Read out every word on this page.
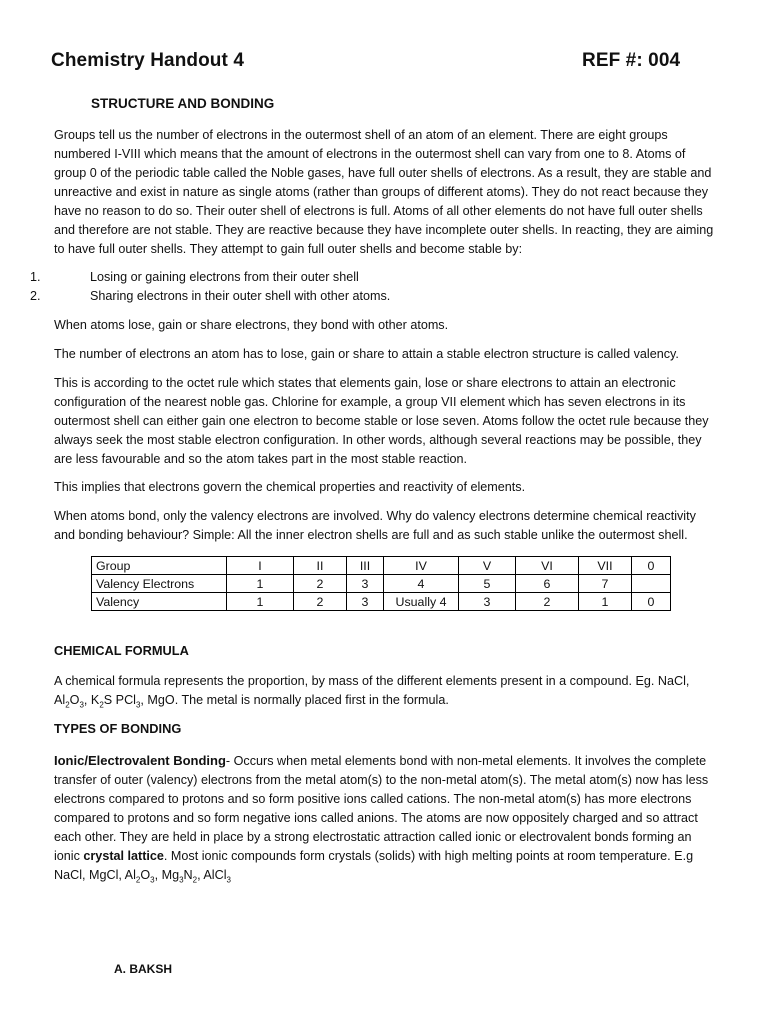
Chemistry Handout 4	REF #: 004
STRUCTURE AND BONDING

Groups tell us the number of electrons in the outermost shell of an atom of an element. There are eight groups numbered I-VIII which means that the amount of electrons in the outermost shell can vary from one to 8. Atoms of group 0 of the periodic table called the Noble gases, have full outer shells of electrons. As a result, they are stable and unreactive and exist in nature as single atoms (rather than groups of different atoms). They do not react because they have no reason to do so. Their outer shell of electrons is full. Atoms of all other elements do not have full outer shells and therefore are not stable. They are reactive because they have incomplete outer shells. In reacting, they are aiming to have full outer shells. They attempt to gain full outer shells and become stable by:

1.	Losing or gaining electrons from their outer shell
2.	Sharing electrons in their outer shell with other atoms.

When atoms lose, gain or share electrons, they bond with other atoms.

The number of electrons an atom has to lose, gain or share to attain a stable electron structure is called valency.

This is according to the octet rule which states that elements gain, lose or share electrons to attain an electronic configuration of the nearest noble gas. Chlorine for example, a group VII element which has seven electrons in its outermost shell can either gain one electron to become stable or lose seven. Atoms follow the octet rule because they always seek the most stable electron configuration. In other words, although several reactions may be possible, they are less favourable and so the atom takes part in the most stable reaction.

This implies that electrons govern the chemical properties and reactivity of elements.

When atoms bond, only the valency electrons are involved. Why do valency electrons determine chemical reactivity and bonding behaviour? Simple: All the inner electron shells are full and as such stable unlike the outermost shell.

Group	I	II	III	IV	V	VI	VII	0
Valency Electrons	1	2	3	4	5	6	7	
Valency	1	2	3	Usually 4	3	2	1	0
CHEMICAL FORMULA

A chemical formula represents the proportion, by mass of the different elements present in a compound. Eg. NaCl,
$Al_2O_3$, $K_2S$ PCl$_3$, MgO. The metal is normally placed first in the formula.

TYPES OF BONDING

Ionic/Electrovalent Bonding- Occurs when metal elements bond with non-metal elements. It involves the complete transfer of outer (valency) electrons from the metal atom(s) to the non-metal atom(s). The metal atom(s) now has less electrons compared to protons and so form positive ions called cations. The non-metal atom(s) has more electrons compared to protons and so form negative ions called anions. The atoms are now oppositely charged and so attract each other. They are held in place by a strong electrostatic attraction called ionic or electrovalent bonds forming an ionic crystal lattice. Most ionic compounds form crystals (solids) with high melting points at room temperature. E.g NaCl, MgCl, $Al_2O_3$, $Mg_3N_2$, AlCl$_3$

A. BAKSH
